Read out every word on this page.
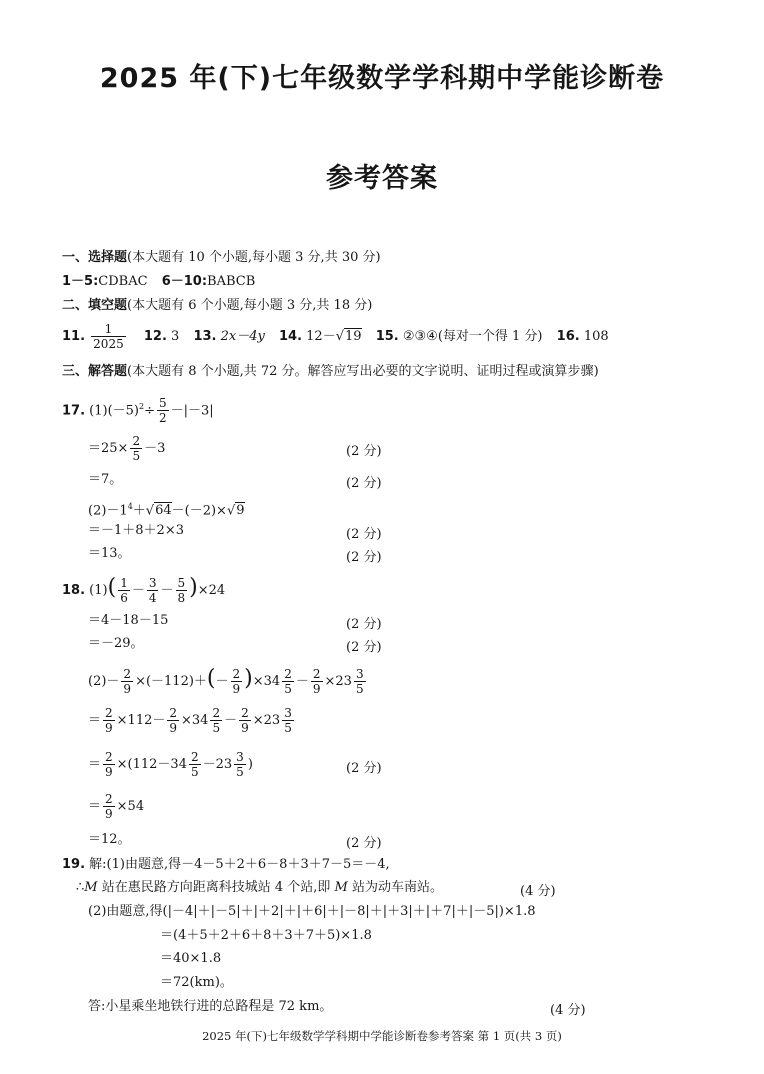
2025 年(下)七年级数学学科期中学能诊断卷
参考答案
一、选择题(本大题有 10 个小题,每小题 3 分,共 30 分)
1－5:CDBAC 6－10:BABCB
二、填空题(本大题有 6 个小题,每小题 3 分,共 18 分)
11. $\frac{1}{2025} 12$. 3 13. 2x－4y 14. 12－√19 15. ②③④(每对一个得 1 分) 16. 108
三、解答题(本大题有 8 个小题,共 72 分。解答应写出必要的文字说明、证明过程或演算步骤)
17. $(1)(-5)^2\div \frac{5}{2} -|-3|$
$=25\times \frac{2}{5} -3$	(2 分)
＝7。	(2 分)
$(2)-1^4+√64-(-2)\times√9$
＝－1＋8＋2×3	(2 分)
＝13。	(2 分)
18. $(1)( \frac{1}{6} - \frac{3}{4} - \frac{5}{8} )\times 24$
＝4－18－15	(2 分)
＝－29。	(2 分)
$(2)- \frac{2}{9} \times(-112)+(- \frac{2}{9} )\times 34 \frac{2}{5} - \frac{2}{9} \times 23 \frac{3}{5}$
＝ $\frac{2}{9} \times 112- \frac{2}{9} \times 34 \frac{2}{5} - \frac{2}{9} \times 23 \frac{3}{5}$
＝ $\frac{2}{9} \times(112-34 \frac{2}{5} -23 \frac{3}{5}$ )	(2 分)
＝ $\frac{2}{9} \times 54$
＝12。	(2 分)
19. 解:(1)由题意,得－4－5＋2＋6－8＋3＋7－5＝－4,
∴M 站在惠民路方向距离科技城站 4 个站,即 M 站为动车南站。	(4 分)
(2)由题意,得(|－4|＋|－5|＋|＋2|＋|＋6|＋|－8|＋|＋3|＋|＋7|＋|－5|)×1.8
＝(4＋5＋2＋6＋8＋3＋7＋5)×1.8
＝40×1.8
＝72(km)。
答:小星乘坐地铁行进的总路程是 72 km。	(4 分)
2025 年(下)七年级数学学科期中学能诊断卷参考答案 第 1 页(共 3 页)
